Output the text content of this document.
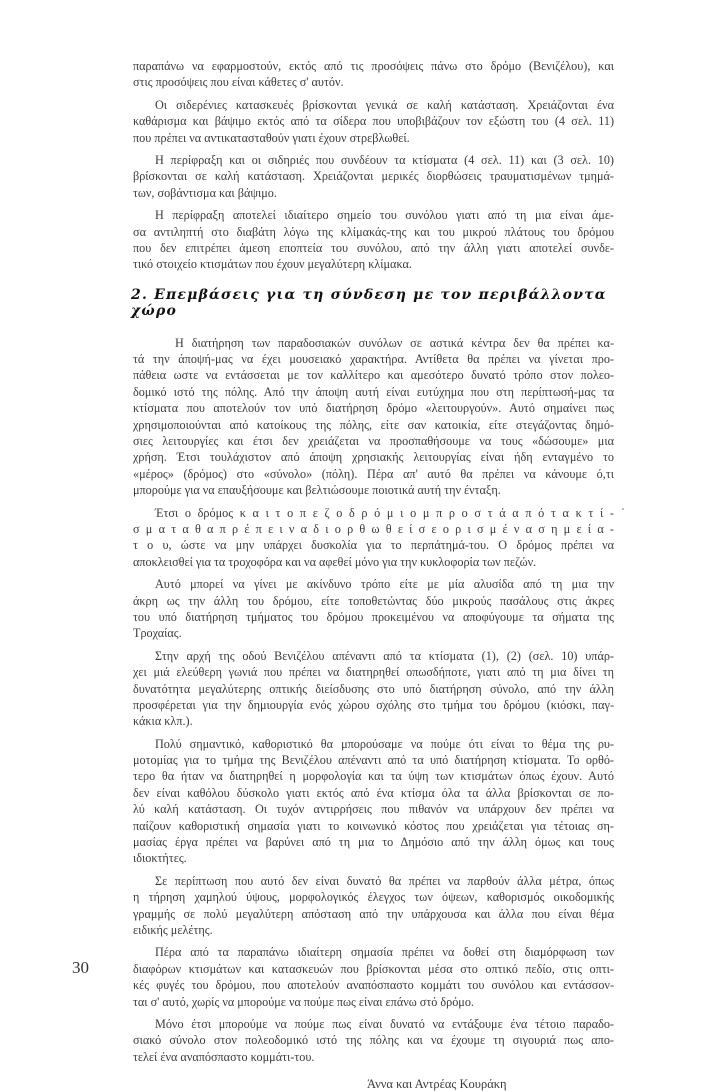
παραπάνω να εφαρμοστούν, εκτός από τις προσόψεις πάνω στο δρόμο (Βενιζέλου), και
στις προσόψεις που είναι κάθετες σ' αυτόν.
Οι σιδερένιες κατασκευές βρίσκονται γενικά σε καλή κατάσταση. Χρειάζονται ένα
καθάρισμα και βάψιμο εκτός από τα σίδερα που υποβιβάζουν τον εξώστη του (4 σελ. 11)
που πρέπει να αντικατασταθούν γιατι έχουν στρεβλωθεί.
Η περίφραξη και οι σιδηριές που συνδέουν τα κτίσματα (4 σελ. 11) και (3 σελ. 10)
βρίσκονται σε καλή κατάσταση. Χρειάζονται μερικές διορθώσεις τραυματισμένων τμημά-
των, σοβάντισμα και βάψιμο.
Η περίφραξη αποτελεί ιδιαίτερο σημείο του συνόλου γιατι από τη μια είναι άμε-
σα αντιληπτή στο διαβάτη λόγω της κλίμακάς-της και του μικρού πλάτους του δρόμου
που δεν επιτρέπει άμεση εποπτεία του συνόλου, από την άλλη γιατι αποτελεί συνδε-
τικό στοιχείο κτισμάτων που έχουν μεγαλύτερη κλίμακα.
2. Επεμβάσεις για τη σύνδεση με τον περιβάλλοντα χώρο
Η διατήρηση των παραδοσιακών συνόλων σε αστικά κέντρα δεν θα πρέπει κα-
τά την άποψή-μας να έχει μουσειακό χαρακτήρα. Αντίθετα θα πρέπει να γίνεται προ-
πάθεια ωστε να εντάσσεται με τον καλλίτερο και αμεσότερο δυνατό τρόπο στον πολεο-
δομικό ιστό της πόλης. Από την άποψη αυτή είναι ευτύχημα που στη περίπτωσή-μας τα
κτίσματα που αποτελούν τον υπό διατήρηση δρόμο «λειτουργούν». Αυτό σημαίνει πως
χρησιμοποιούνται από κατοίκους της πόλης, είτε σαν κατοικία, είτε στεγάζοντας δημό-
σιες λειτουργίες και έτσι δεν χρειάζεται να προσπαθήσουμε να τους «δώσουμε» μια
χρήση. Έτσι τουλάχιστον από άποψη χρησιακής λειτουργίας είναι ήδη ενταγμένο το
«μέρος» (δρόμος) στο «σύνολο» (πόλη). Πέρα απ' αυτό θα πρέπει να κάνουμε ό,τι
μπορούμε για να επαυξήσουμε και βελτιώσουμε ποιοτικά αυτή την ένταξη.
Έτσι ο δρόμος κ α ι τ ο π ε ζ ο δ ρ ό μ ι ο μ π ρ ο σ τ ά α π ό τ α κ τ ί -
σ μ α τ α θ α π ρ έ π ε ι ν α δ ι ο ρ θ ω θ ε ί σ ε ο ρ ι σ μ έ ν α σ η μ ε ί α -
τ ο υ, ώστε να μην υπάρχει δυσκολία για το περπάτημά-του. Ο δρόμος πρέπει να
αποκλεισθεί για τα τροχοφόρα και να αφεθεί μόνο για την κυκλοφορία των πεζών.
Αυτό μπορεί να γίνει με ακίνδυνο τρόπο είτε με μία αλυσίδα από τη μια την
άκρη ως την άλλη του δρόμου, είτε τοποθετώντας δύο μικρούς πασάλους στις άκρες
του υπό διατήρηση τμήματος του δρόμου προκειμένου να αποφύγουμε τα σήματα της
Τροχαίας.
Στην αρχή της οδού Βενιζέλου απέναντι από τα κτίσματα (1), (2) (σελ. 10) υπάρ-
χει μιά ελεύθερη γωνιά που πρέπει να διατηρηθεί οπωσδήποτε, γιατι από τη μια δίνει τη
δυνατότητα μεγαλύτερης οπτικής διείσδυσης στο υπό διατήρηση σύνολο, από την άλλη
προσφέρεται για την δημιουργία ενός χώρου σχόλης στο τμήμα του δρόμου (κιόσκι, παγ-
κάκια κλπ.).
Πολύ σημαντικό, καθοριστικό θα μπορούσαμε να πούμε ότι είναι το θέμα της ρυ-
μοτομίας για το τμήμα της Βενιζέλου απέναντι από τα υπό διατήρηση κτίσματα. Το ορθό-
τερο θα ήταν να διατηρηθεί η μορφολογία και τα ύψη των κτισμάτων όπως έχουν. Αυτό
δεν είναι καθόλου δύσκολο γιατι εκτός από ένα κτίσμα όλα τα άλλα βρίσκονται σε πο-
λύ καλή κατάσταση. Οι τυχόν αντιρρήσεις που πιθανόν να υπάρχουν δεν πρέπει να
παίζουν καθοριστική σημασία γιατι το κοινωνικό κόστος που χρειάζεται για τέτοιας ση-
μασίας έργα πρέπει να βαρύνει από τη μια το Δημόσιο από την άλλη όμως και τους
ιδιοκτήτες.
Σε περίπτωση που αυτό δεν είναι δυνατό θα πρέπει να παρθούν άλλα μέτρα, όπως
η τήρηση χαμηλού ύψους, μορφολογικός έλεγχος των όψεων, καθορισμός οικοδομικής
γραμμής σε πολύ μεγαλύτερη απόσταση από την υπάρχουσα και άλλα που είναι θέμα
ειδικής μελέτης.
Πέρα από τα παραπάνω ιδιαίτερη σημασία πρέπει να δοθεί στη διαμόρφωση των
διαφόρων κτισμάτων και κατασκευών που βρίσκονται μέσα στο οπτικό πεδίο, στις οπτι-
κές φυγές του δρόμου, που αποτελούν αναπόσπαστο κομμάτι του συνόλου και εντάσσον-
ται σ' αυτό, χωρίς να μπορούμε να πούμε πως είναι επάνω στό δρόμο.
Μόνο έτσι μπορούμε να πούμε πως είναι δυνατό να εντάξουμε ένα τέτοιο παραδο-
σιακό σύνολο στον πολεοδομικό ιστό της πόλης και να έχουμε τη σιγουριά πως απο-
τελεί ένα αναπόσπαστο κομμάτι-του.
Άννα και Αντρέας Κουράκη
30
